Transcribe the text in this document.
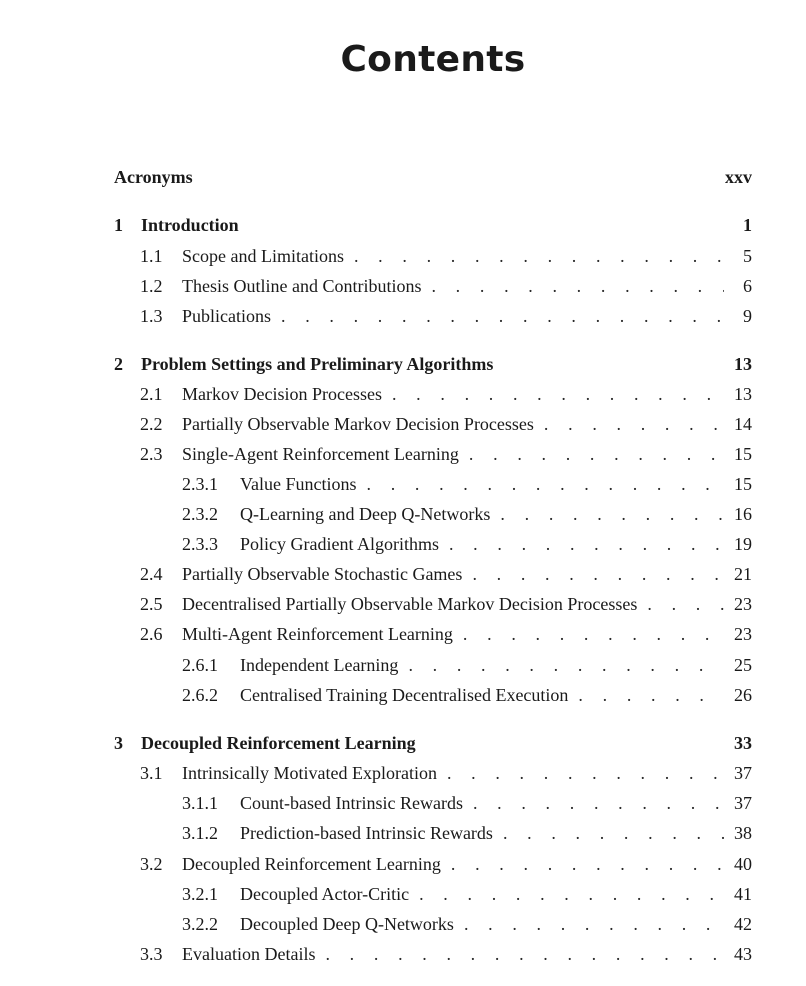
Contents
Acronyms	xxv
1	Introduction	1
1.1	Scope and Limitations . . .	5
1.2	Thesis Outline and Contributions . . .	6
1.3	Publications . . .	9
2	Problem Settings and Preliminary Algorithms	13
2.1	Markov Decision Processes . . .	13
2.2	Partially Observable Markov Decision Processes . . .	14
2.3	Single-Agent Reinforcement Learning . . .	15
2.3.1	Value Functions . . .	15
2.3.2	Q-Learning and Deep Q-Networks . . .	16
2.3.3	Policy Gradient Algorithms . . .	19
2.4	Partially Observable Stochastic Games . . .	21
2.5	Decentralised Partially Observable Markov Decision Processes . . .	23
2.6	Multi-Agent Reinforcement Learning . . .	23
2.6.1	Independent Learning . . .	25
2.6.2	Centralised Training Decentralised Execution . . .	26
3	Decoupled Reinforcement Learning	33
3.1	Intrinsically Motivated Exploration . . .	37
3.1.1	Count-based Intrinsic Rewards . . .	37
3.1.2	Prediction-based Intrinsic Rewards . . .	38
3.2	Decoupled Reinforcement Learning . . .	40
3.2.1	Decoupled Actor-Critic . . .	41
3.2.2	Decoupled Deep Q-Networks . . .	42
3.3	Evaluation Details . . .	43
